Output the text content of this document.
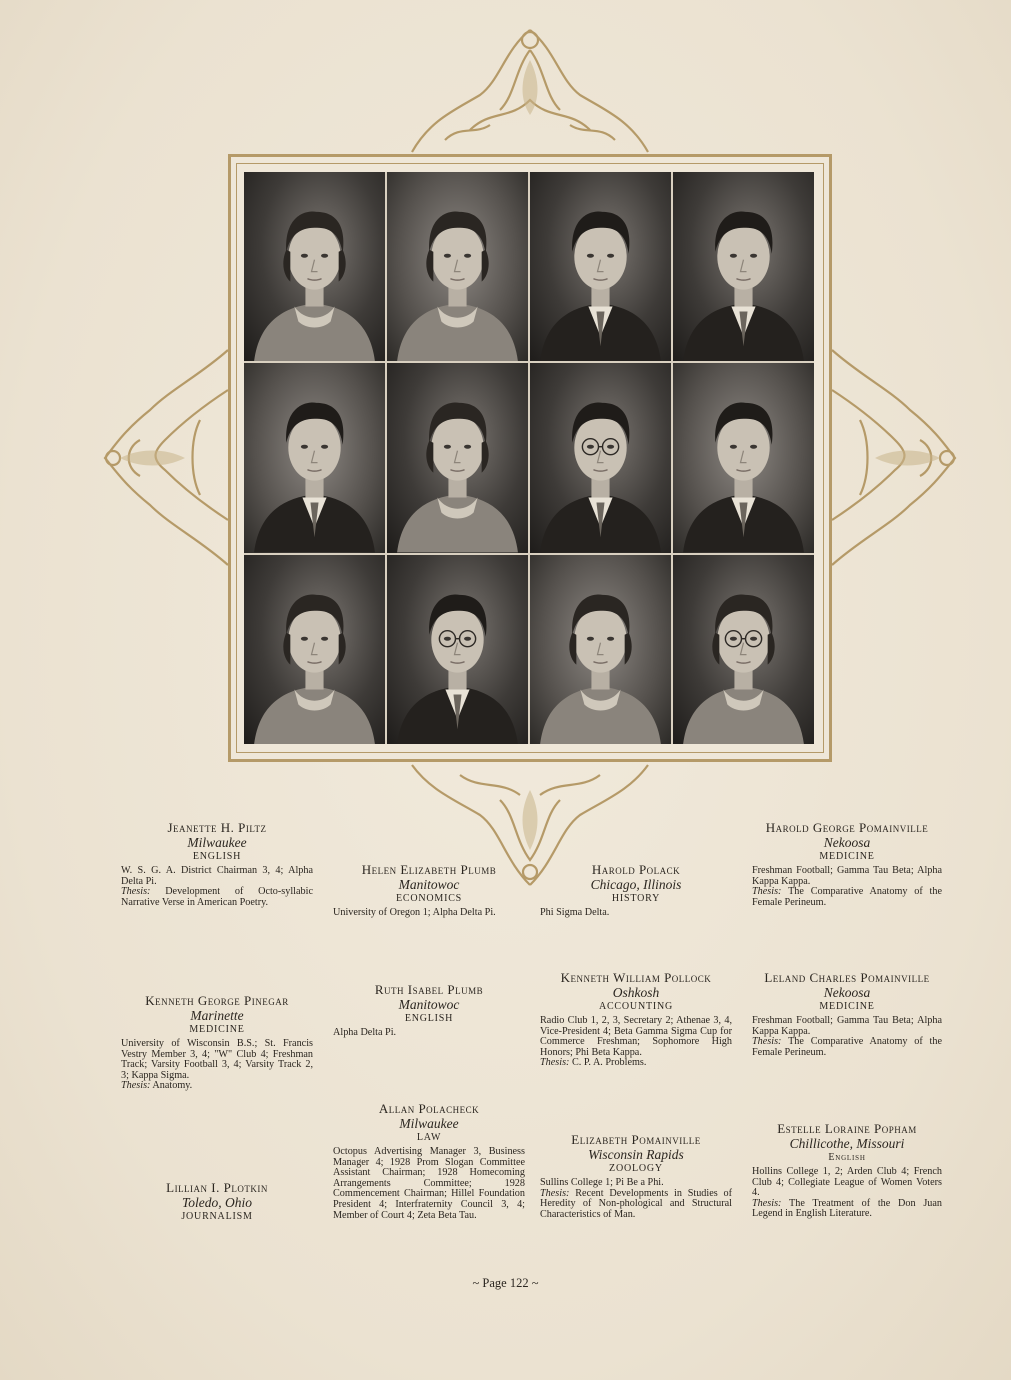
Jeanette H. Piltz
Milwaukee
ENGLISH
W. S. G. A. District Chairman 3, 4; Alpha Delta Pi.
Thesis: Development of Octo-syllabic Narrative Verse in American Poetry.
Helen Elizabeth Plumb
Manitowoc
ECONOMICS
University of Oregon 1; Alpha Delta Pi.

Harold Polack
Chicago, Illinois
HISTORY
Phi Sigma Delta.

Harold George Pomainville
Nekoosa
MEDICINE
Freshman Football; Gamma Tau Beta; Alpha Kappa Kappa.
Thesis: The Comparative Anatomy of the Female Perineum.
Kenneth George Pinegar
Marinette
MEDICINE
University of Wisconsin B.S.; St. Francis Vestry Member 3, 4; "W" Club 4; Freshman Track; Varsity Football 3, 4; Varsity Track 2, 3; Kappa Sigma.
Thesis: Anatomy.
Ruth Isabel Plumb
Manitowoc
ENGLISH
Alpha Delta Pi.

Kenneth William Pollock
Oshkosh
ACCOUNTING
Radio Club 1, 2, 3, Secretary 2; Athenae 3, 4, Vice-President 4; Beta Gamma Sigma Cup for Commerce Freshman; Sophomore High Honors; Phi Beta Kappa.
Thesis: C. P. A. Problems.
Leland Charles Pomainville
Nekoosa
MEDICINE
Freshman Football; Gamma Tau Beta; Alpha Kappa Kappa.
Thesis: The Comparative Anatomy of the Female Perineum.
Lillian I. Plotkin
Toledo, Ohio
JOURNALISM
Allan Polacheck
Milwaukee
LAW
Octopus Advertising Manager 3, Business Manager 4; 1928 Prom Slogan Committee Assistant Chairman; 1928 Homecoming Arrangements Committee; 1928 Commencement Chairman; Hillel Foundation President 4; Interfraternity Council 3, 4; Member of Court 4; Zeta Beta Tau.

Elizabeth Pomainville
Wisconsin Rapids
ZOOLOGY
Sullins College 1; Pi Be a Phi.
Thesis: Recent Developments in Studies of Heredity of Non-phological and Structural Characteristics of Man.
Estelle Loraine Popham
Chillicothe, Missouri
English
Hollins College 1, 2; Arden Club 4; French Club 4; Collegiate League of Women Voters 4.
Thesis: The Treatment of the Don Juan Legend in English Literature.
~ Page 122 ~
